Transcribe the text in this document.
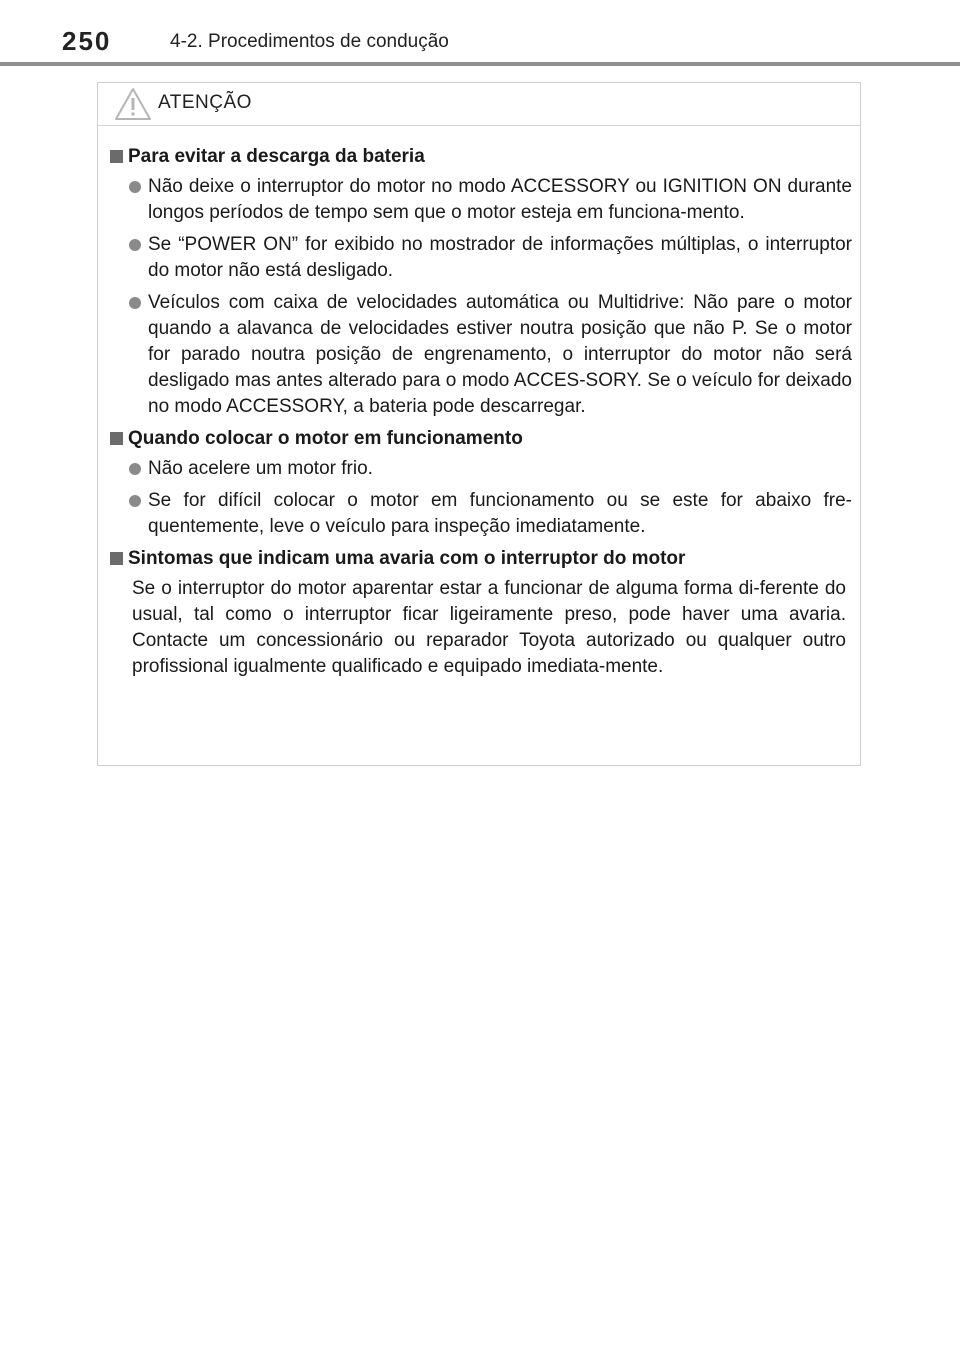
250	4-2. Procedimentos de condução
ATENÇÃO
Para evitar a descarga da bateria
Não deixe o interruptor do motor no modo ACCESSORY ou IGNITION ON durante longos períodos de tempo sem que o motor esteja em funciona-mento.
Se “POWER ON” for exibido no mostrador de informações múltiplas, o interruptor do motor não está desligado.
Veículos com caixa de velocidades automática ou Multidrive: Não pare o motor quando a alavanca de velocidades estiver noutra posição que não P. Se o motor for parado noutra posição de engrenamento, o interruptor do motor não será desligado mas antes alterado para o modo ACCES-SORY. Se o veículo for deixado no modo ACCESSORY, a bateria pode descarregar.
Quando colocar o motor em funcionamento
Não acelere um motor frio.
Se for difícil colocar o motor em funcionamento ou se este for abaixo fre-quentemente, leve o veículo para inspeção imediatamente.
Sintomas que indicam uma avaria com o interruptor do motor
Se o interruptor do motor aparentar estar a funcionar de alguma forma di-ferente do usual, tal como o interruptor ficar ligeiramente preso, pode haver uma avaria. Contacte um concessionário ou reparador Toyota autorizado ou qualquer outro profissional igualmente qualificado e equipado imediata-mente.
